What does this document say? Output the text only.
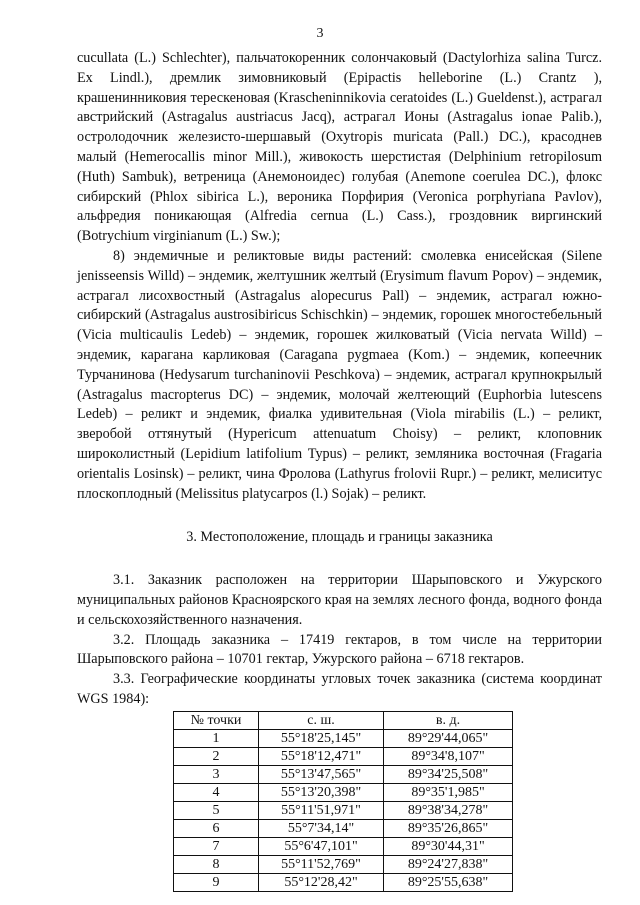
3

cucullata (L.) Schlechter), пальчатокоренник солончаковый (Dactylorhiza salina Turcz. Ex Lindl.), дремлик зимовниковый (Epipactis helleborine (L.) Crantz ), крашенинниковия терескеновая (Krascheninnikovia ceratoides (L.) Gueldenst.), астрагал австрийский (Astragalus austriacus Jacq), астрагал Ионы (Astragalus ionae Palib.), остролодочник железисто-шершавый (Oxytropis muricata (Pall.) DC.), красоднев малый (Hemerocallis minor Mill.), живокость шерстистая (Delphinium retropilosum (Huth) Sambuk), ветреница (Анемоноидес) голубая (Anemone coerulea DC.), флокс сибирский (Phlox sibirica L.), вероника Порфирия (Veronica porphyriana Pavlov), альфредия поникающая (Alfredia cernua (L.) Cass.), гроздовник виргинский (Botrychium virginianum (L.) Sw.);

8) эндемичные и реликтовые виды растений: смолевка енисейская (Silene jenisseensis Willd) – эндемик, желтушник желтый (Erysimum flavum Popov) – эндемик, астрагал лисохвостный (Astragalus alopecurus Pall) – эндемик, астрагал южно-сибирский (Astragalus austrosibiricus Schischkin) – эндемик, горошек многостебельный (Vicia multicaulis Ledeb) – эндемик, горошек жилковатый (Vicia nervata Willd) – эндемик, карагана карликовая (Caragana pygmaea (Kom.) – эндемик, копеечник Турчанинова (Hedysarum turchaninovii Peschkova) – эндемик, астрагал крупнокрылый (Astragalus macropterus DC) – эндемик, молочай желтеющий (Euphorbia lutescens Ledeb) – реликт и эндемик, фиалка удивительная (Viola mirabilis (L.) – реликт, зверобой оттянутый (Hypericum attenuatum Choisy) – реликт, клоповник широколистный (Lepidium latifolium Typus) – реликт, земляника восточная (Fragaria orientalis Losinsk) – реликт, чина Фролова (Lathyrus frolovii Rupr.) – реликт, мелиситус плоскоплодный (Melissitus platycarpos (l.) Sojak) – реликт.

3. Местоположение, площадь и границы заказника

3.1. Заказник расположен на территории Шарыповского и Ужурского муниципальных районов Красноярского края на землях лесного фонда, водного фонда и сельскохозяйственного назначения.

3.2. Площадь заказника – 17419 гектаров, в том числе на территории Шарыповского района – 10701 гектар, Ужурского района – 6718 гектаров.

3.3. Географические координаты угловых точек заказника (система координат WGS 1984):

№ точки	с. ш.	в. д.
1	55°18'25,145"	89°29'44,065"
2	55°18'12,471"	89°34'8,107"
3	55°13'47,565"	89°34'25,508"
4	55°13'20,398"	89°35'1,985"
5	55°11'51,971"	89°38'34,278"
6	55°7'34,14"	89°35'26,865"
7	55°6'47,101"	89°30'44,31"
8	55°11'52,769"	89°24'27,838"
9	55°12'28,42"	89°25'55,638"
